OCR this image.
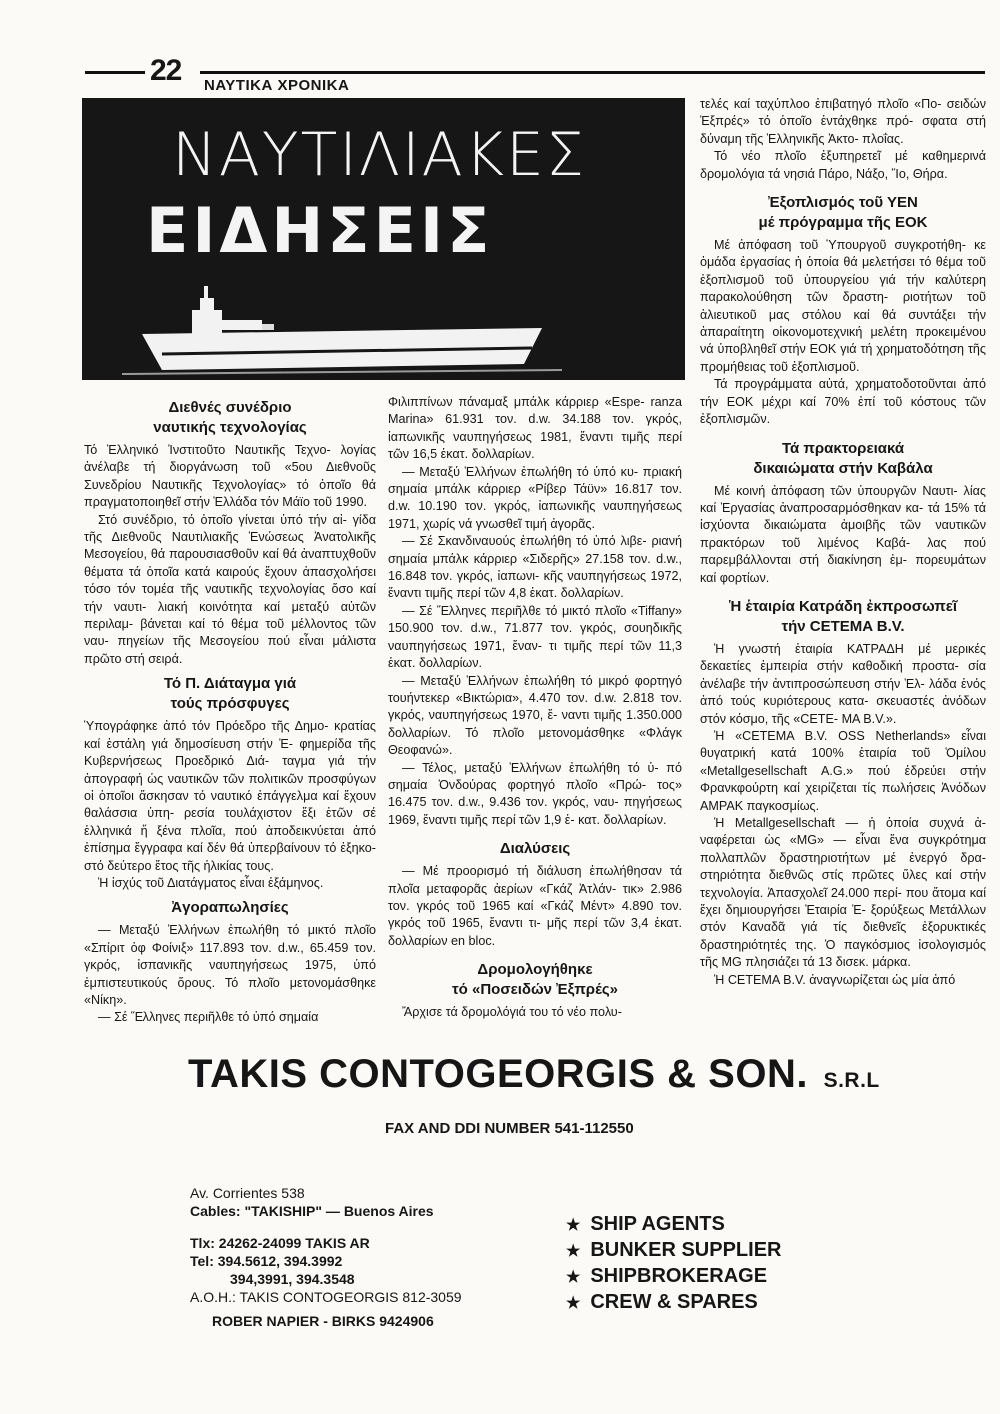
22 ΝΑΥΤΙΚΑ ΧΡΟΝΙΚΑ
ΝΑΥΤΙΛΙΑΚΕΣ
ΕΙΔΗΣΕΙΣ
Διεθνές συνέδριο
ναυτικής τεχνολογίας

Τό Ἑλληνικό Ἰνστιτοῦτο Ναυτικῆς Τεχνο- λογίας ἀνέλαβε τή διοργάνωση τοῦ «5ου Διεθνοῦς Συνεδρίου Ναυτικῆς Τεχνολογίας» τό ὁποῖο θά πραγματοποιηθεῖ στήν Ἑλλάδα τόν Μάϊο τοῦ 1990.

Στό συνέδριο, τό ὁποῖο γίνεται ὑπό τήν αἰ- γίδα τῆς Διεθνοῦς Ναυτιλιακῆς Ἑνώσεως Ἀνατολικῆς Μεσογείου, θά παρουσιασθοῦν καί θά ἀναπτυχθοῦν θέματα τά ὁποῖα κατά καιρούς ἔχουν ἀπασχολήσει τόσο τόν τομέα τῆς ναυτικῆς τεχνολογίας ὅσο καί τήν ναυτι- λιακή κοινότητα καί μεταξύ αὐτῶν περιλαμ- βάνεται καί τό θέμα τοῦ μέλλοντος τῶν ναυ- πηγείων τῆς Μεσογείου πού εἶναι μάλιστα πρῶτο στή σειρά.

Τό Π. Διάταγμα γιά
τούς πρόσφυγες

Ὑπογράφηκε ἀπό τόν Πρόεδρο τῆς Δημο- κρατίας καί ἐστάλη γιά δημοσίευση στήν Ἐ- φημερίδα τῆς Κυβερνήσεως Προεδρικό Διά- ταγμα γιά τήν ἀπογραφή ὡς ναυτικῶν τῶν πολιτικῶν προσφύγων οἱ ὁποῖοι ἄσκησαν τό ναυτικό ἐπάγγελμα καί ἔχουν θαλάσσια ὑπη- ρεσία τουλάχιστον ἕξι ἐτῶν σέ ἑλληνικά ἤ ξένα πλοῖα, πού ἀποδεικνύεται ἀπό ἐπίσημα ἔγγραφα καί δέν θά ὑπερβαίνουν τό ἐξηκο- στό δεύτερο ἔτος τῆς ἡλικίας τους.

Ἡ ἰσχύς τοῦ Διατάγματος εἶναι ἑξάμηνος.

Ἀγοραπωλησίες

— Μεταξύ Ἑλλήνων ἐπωλήθη τό μικτό πλοῖο «Σπίριτ ὀφ Φοίνιξ» 117.893 τον. d.w., 65.459 τον. γκρός, ἰσπανικῆς ναυπηγήσεως 1975, ὑπό ἐμπιστευτικούς ὅρους. Τό πλοῖο μετονομάσθηκε «Νίκη».

— Σέ Ἕλληνες περιῆλθε τό ὑπό σημαία

Φιλιππίνων πάναμαξ μπάλκ κάρριερ «Espe- ranza Marina» 61.931 τον. d.w. 34.188 τον. γκρός, ἰαπωνικῆς ναυπηγήσεως 1981, ἔναντι τιμῆς περί τῶν 16,5 ἑκατ. δολλαρίων.

— Μεταξύ Ἑλλήνων ἐπωλήθη τό ὑπό κυ- πριακή σημαία μπάλκ κάρριερ «Ρίβερ Τάϋν» 16.817 τον. d.w. 10.190 τον. γκρός, ἰαπωνικῆς ναυπηγήσεως 1971, χωρίς νά γνωσθεῖ τιμή ἀγορᾶς.

— Σέ Σκανδιναυούς ἐπωλήθη τό ὑπό λιβε- ριανή σημαία μπάλκ κάρριερ «Σιδερῆς» 27.158 τον. d.w., 16.848 τον. γκρός, ἰαπωνι- κῆς ναυπηγήσεως 1972, ἔναντι τιμῆς περί τῶν 4,8 ἑκατ. δολλαρίων.

— Σέ Ἕλληνες περιῆλθε τό μικτό πλοῖο «Tiffany» 150.900 τον. d.w., 71.877 τον. γκρός, σουηδικῆς ναυπηγήσεως 1971, ἔναν- τι τιμῆς περί τῶν 11,3 ἑκατ. δολλαρίων.

— Μεταξύ Ἑλλήνων ἐπωλήθη τό μικρό φορτηγό τουήντεκερ «Βικτώρια», 4.470 τον. d.w. 2.818 τον. γκρός, ναυπηγήσεως 1970, ἔ- ναντι τιμῆς 1.350.000 δολλαρίων. Τό πλοῖο μετονομάσθηκε «Φλάγκ Θεοφανώ».

— Τέλος, μεταξύ Ἑλλήνων ἐπωλήθη τό ὑ- πό σημαία Ὀνδούρας φορτηγό πλοῖο «Πρώ- τος» 16.475 τον. d.w., 9.436 τον. γκρός, ναυ- πηγήσεως 1969, ἔναντι τιμῆς περί τῶν 1,9 ἑ- κατ. δολλαρίων.

Διαλύσεις

— Μέ προορισμό τή διάλυση ἐπωλήθησαν τά πλοῖα μεταφορᾶς ἀερίων «Γκάζ Ἀτλάν- τικ» 2.986 τον. γκρός τοῦ 1965 καί «Γκάζ Μέντ» 4.890 τον. γκρός τοῦ 1965, ἔναντι τι- μῆς περί τῶν 3,4 ἑκατ. δολλαρίων en bloc.

Δρομολογήθηκε
τό «Ποσειδών Ἐξπρές»

Ἄρχισε τά δρομολόγιά του τό νέο πολυ-

τελές καί ταχύπλοο ἐπιβατηγό πλοῖο «Πο- σειδών Ἐξπρές» τό ὁποῖο ἐντάχθηκε πρό- σφατα στή δύναμη τῆς Ἑλληνικῆς Ἀκτο- πλοΐας.

Τό νέο πλοῖο ἐξυπηρετεῖ μέ καθημερινά δρομολόγια τά νησιά Πάρο, Νάξο, Ἴο, Θήρα.

Ἐξοπλισμός τοῦ ΥΕΝ
μέ πρόγραμμα τῆς ΕΟΚ

Μέ ἀπόφαση τοῦ Ὑπουργοῦ συγκροτήθη- κε ὁμάδα ἐργασίας ἡ ὁποία θά μελετήσει τό θέμα τοῦ ἐξοπλισμοῦ τοῦ ὑπουργείου γιά τήν καλύτερη παρακολούθηση τῶν δραστη- ριοτήτων τοῦ ἁλιευτικοῦ μας στόλου καί θά συντάξει τήν ἀπαραίτητη οἰκονομοτεχνική μελέτη προκειμένου νά ὑποβληθεῖ στήν ΕΟΚ γιά τή χρηματοδότηση τῆς προμήθειας τοῦ ἐξοπλισμοῦ.

Τά προγράμματα αὐτά, χρηματοδοτοῦνται ἀπό τήν ΕΟΚ μέχρι καί 70% ἐπί τοῦ κόστους τῶν ἐξοπλισμῶν.

Τά πρακτορειακά
δικαιώματα στήν Καβάλα

Μέ κοινή ἀπόφαση τῶν ὑπουργῶν Ναυτι- λίας καί Ἐργασίας ἀναπροσαρμόσθηκαν κα- τά 15% τά ἰσχύοντα δικαιώματα ἀμοιβῆς τῶν ναυτικῶν πρακτόρων τοῦ λιμένος Καβά- λας πού παρεμβάλλονται στή διακίνηση ἐμ- πορευμάτων καί φορτίων.

Ἡ ἑταιρία Κατράδη ἐκπροσωπεῖ
τήν CETEMA B.V.

Ἡ γνωστή ἑταιρία ΚΑΤΡΑΔΗ μέ μερικές δεκαετίες ἐμπειρία στήν καθοδική προστα- σία ἀνέλαβε τήν ἀντιπροσώπευση στήν Ἑλ- λάδα ἑνός ἀπό τούς κυριότερους κατα- σκευαστές ἀνόδων στόν κόσμο, τῆς «CETE- MA B.V.».

Ἡ «CETEMA B.V. OSS Netherlands» εἶναι θυγατρική κατά 100% ἑταιρία τοῦ Ὁμίλου «Metallgesellschaft A.G.» πού ἑδρεύει στήν Φρανκφούρτη καί χειρίζεται τίς πωλήσεις Ἀνόδων ΑΜΡΑΚ παγκοσμίως.

Ἡ Metallgesellschaft — ἡ ὁποία συχνά ἀ- ναφέρεται ὡς «MG» — εἶναι ἕνα συγκρότημα πολλαπλῶν δραστηριοτήτων μέ ἐνεργό δρα- στηριότητα διεθνῶς στίς πρῶτες ὕλες καί στήν τεχνολογία. Ἀπασχολεῖ 24.000 περί- που ἄτομα καί ἔχει δημιουργήσει Ἑταιρία Ἐ- ξορύξεως Μετάλλων στόν Καναδᾶ γιά τίς διεθνεῖς ἐξορυκτικές δραστηριότητές της. Ὁ παγκόσμιος ἰσολογισμός τῆς MG πλησιάζει τά 13 δισεκ. μάρκα.

Ἡ CETEMA B.V. ἀναγνωρίζεται ὡς μία ἀπό

TAKIS CONTOGEORGIS & SON. S.R.L
FAX AND DDI NUMBER 541-112550
Av. Corrientes 538
Cables: "TAKISHIP" — Buenos Aires
Tlx: 24262-24099 TAKIS AR
Tel: 394.5612, 394.3992
394,3991, 394.3548
A.O.H.: TAKIS CONTOGEORGIS 812-3059
ROBER NAPIER - BIRKS 9424906
★ SHIP AGENTS
★ BUNKER SUPPLIER
★ SHIPBROKERAGE
★ CREW & SPARES
